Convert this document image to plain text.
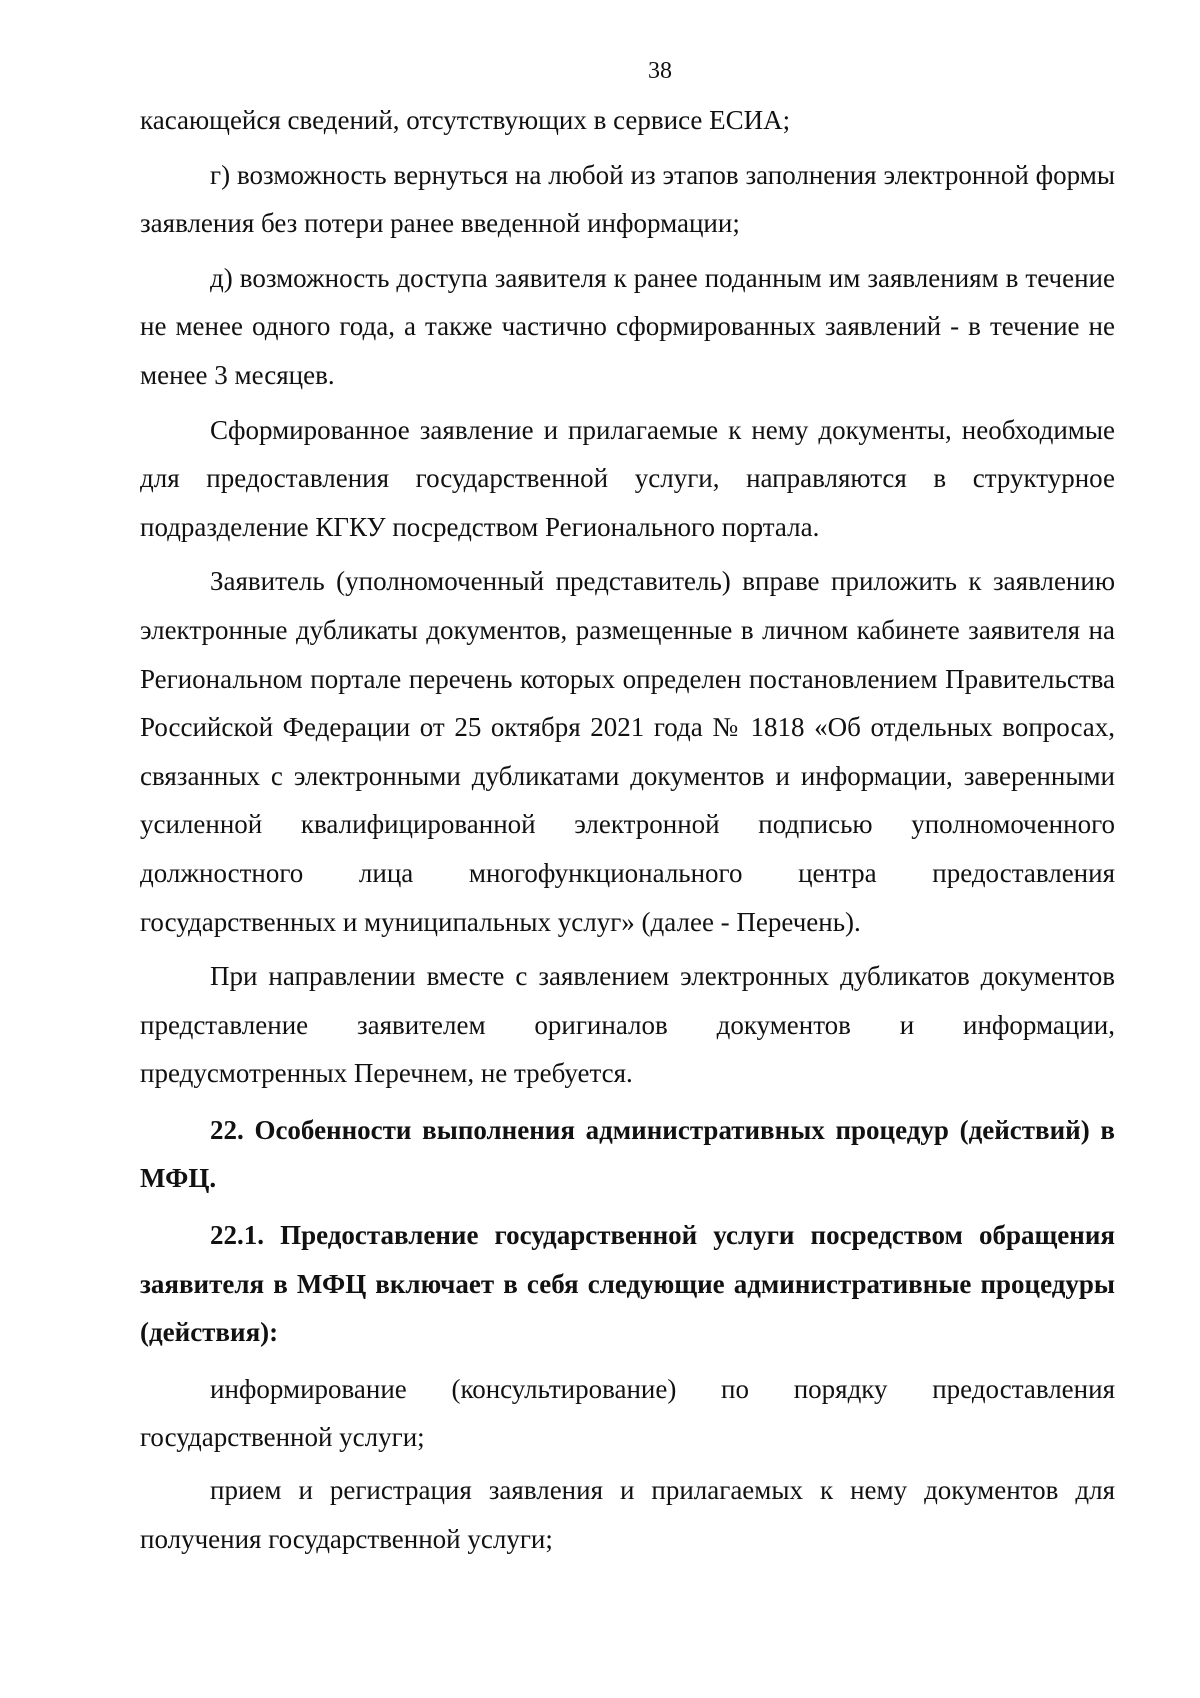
38

касающейся сведений, отсутствующих в сервисе ЕСИА;

г) возможность вернуться на любой из этапов заполнения электронной формы заявления без потери ранее введенной информации;

д) возможность доступа заявителя к ранее поданным им заявлениям в течение не менее одного года, а также частично сформированных заявлений - в течение не менее 3 месяцев.

Сформированное заявление и прилагаемые к нему документы, необходимые для предоставления государственной услуги, направляются в структурное подразделение КГКУ посредством Регионального портала.

Заявитель (уполномоченный представитель) вправе приложить к заявлению электронные дубликаты документов, размещенные в личном кабинете заявителя на Региональном портале перечень которых определен постановлением Правительства Российской Федерации от 25 октября 2021 года № 1818 «Об отдельных вопросах, связанных с электронными дубликатами документов и информации, заверенными усиленной квалифицированной электронной подписью уполномоченного должностного лица многофункционального центра предоставления государственных и муниципальных услуг» (далее - Перечень).

При направлении вместе с заявлением электронных дубликатов документов представление заявителем оригиналов документов и информации, предусмотренных Перечнем, не требуется.

22. Особенности выполнения административных процедур (действий) в МФЦ.

22.1. Предоставление государственной услуги посредством обращения заявителя в МФЦ включает в себя следующие административные процедуры (действия):

информирование (консультирование) по порядку предоставления государственной услуги;

прием и регистрация заявления и прилагаемых к нему документов для получения государственной услуги;
